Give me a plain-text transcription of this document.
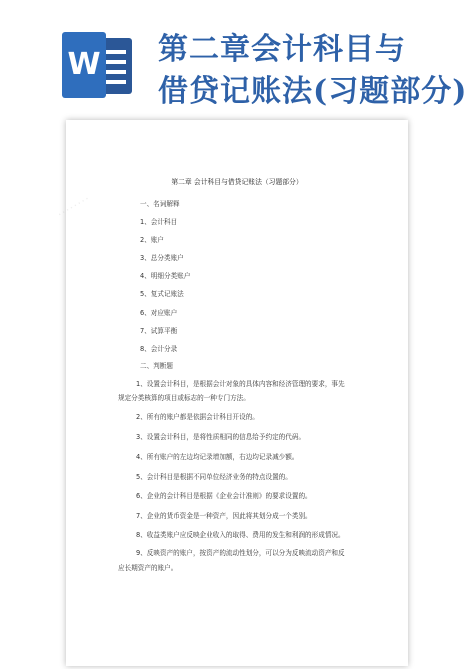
W 第二章会计科目与
借贷记账法(习题部分)
········
第二章 会计科目与借贷记账法（习题部分）
一、名词解释
1、会计科目
2、账户
3、总分类账户
4、明细分类账户
5、复式记账法
6、对应账户
7、试算平衡
8、会计分录
二、判断题
1、设置会计科目，是根据会计对象的具体内容和经济管理的要求，事先
规定分类核算的项目或标志的一种专门方法。
2、所有的账户都是依据会计科目开设的。
3、设置会计科目，是将性质相同的信息给予约定的代码。
4、所有账户的左边均记录增加额，右边均记录减少额。
5、会计科目是根据不同单位经济业务的特点设置的。
6、企业的会计科目是根据《企业会计准则》的要求设置的。
7、企业的货币资金是一种资产，因此将其划分成一个类别。
8、收益类账户应反映企业收入的取得、费用的发生和利润的形成情况。
9、反映资产的账户，按资产的流动性划分，可以分为反映流动资产和反
应长期资产的账户。
